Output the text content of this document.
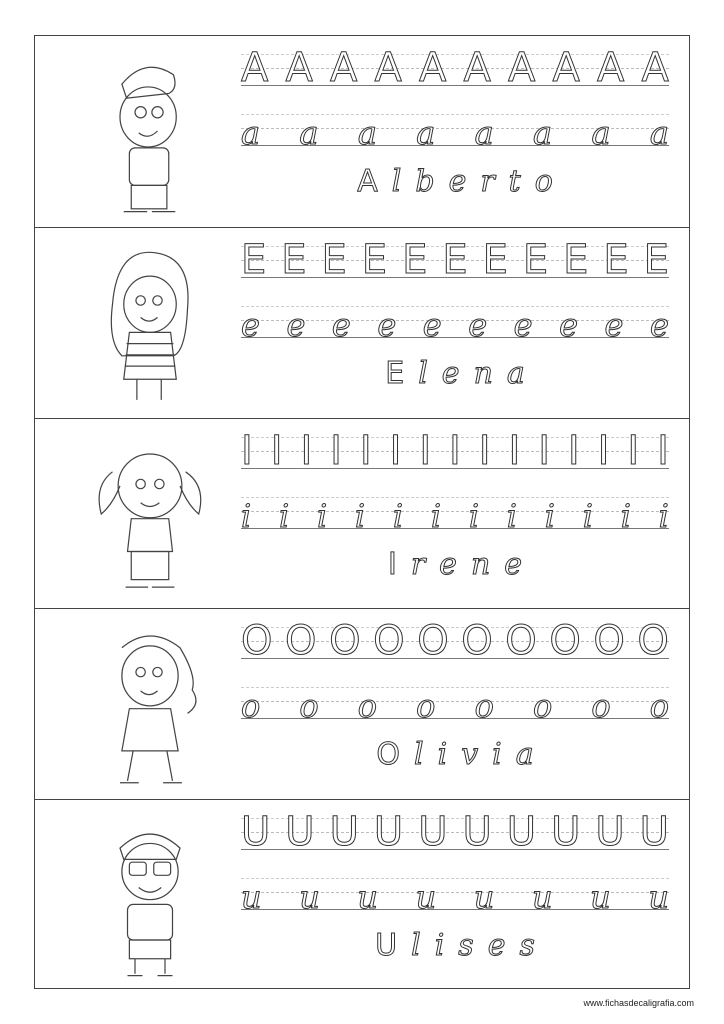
A A A A A A A A A A
a a a a a a a a
A l b e r t o
E E E E E E E E E E E
e e e e e e e e e e
E l e n a
I I I I I I I I I I I I I I I
i i i i i i i i i i i i
I r e n e
O O O O O O O O O O
o o o o o o o o
O l i v i a
U U U U U U U U U U
u u u u u u u u
U l i s e s
www.fichasdecaligrafia.com
